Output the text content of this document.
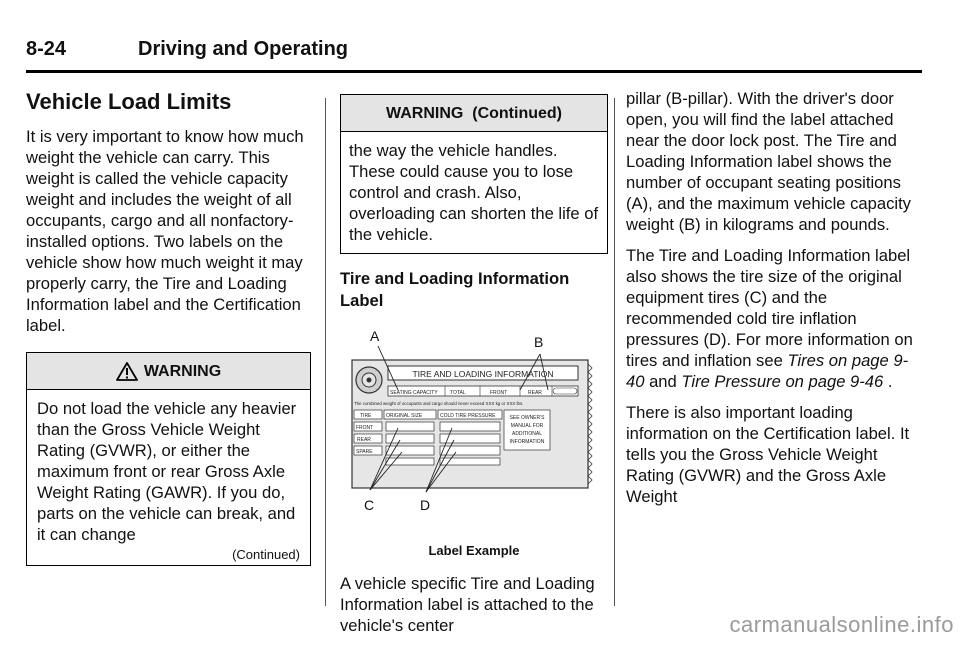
8-24	Driving and Operating
Vehicle Load Limits

It is very important to know how much weight the vehicle can carry. This weight is called the vehicle capacity weight and includes the weight of all occupants, cargo and all nonfactory-installed options. Two labels on the vehicle show how much weight it may properly carry, the Tire and Loading Information label and the Certification label.

WARNING

Do not load the vehicle any heavier than the Gross Vehicle Weight Rating (GVWR), or either the maximum front or rear Gross Axle Weight Rating (GAWR). If you do, parts on the vehicle can break, and it can change

(Continued)
WARNING  (Continued)

the way the vehicle handles. These could cause you to lose control and crash. Also, overloading can shorten the life of the vehicle.

Tire and Loading Information Label

TIRE AND LOADING INFORMATION
SEATING CAPACITY TOTAL	FRONT	REAR
The combined weight of occupants and cargo should never exceed XXX kg or XXX lbs.
TIRE	ORIGINAL SIZE	COLD TIRE PRESSURE
FRONT
REAR
SPARE
SEE OWNER'S
MANUAL FOR
ADDITIONAL
INFORMATION
A	B
C	D
Label Example

A vehicle specific Tire and Loading Information label is attached to the vehicle's center

pillar (B-pillar). With the driver's door open, you will find the label attached near the door lock post. The Tire and Loading Information label shows the number of occupant seating positions (A), and the maximum vehicle capacity weight (B) in kilograms and pounds.

The Tire and Loading Information label also shows the tire size of the original equipment tires (C) and the recommended cold tire inflation pressures (D). For more information on tires and inflation see Tires on page 9-40 and Tire Pressure on page 9-46 .

There is also important loading information on the Certification label. It tells you the Gross Vehicle Weight Rating (GVWR) and the Gross Axle Weight

carmanualsonline.info
